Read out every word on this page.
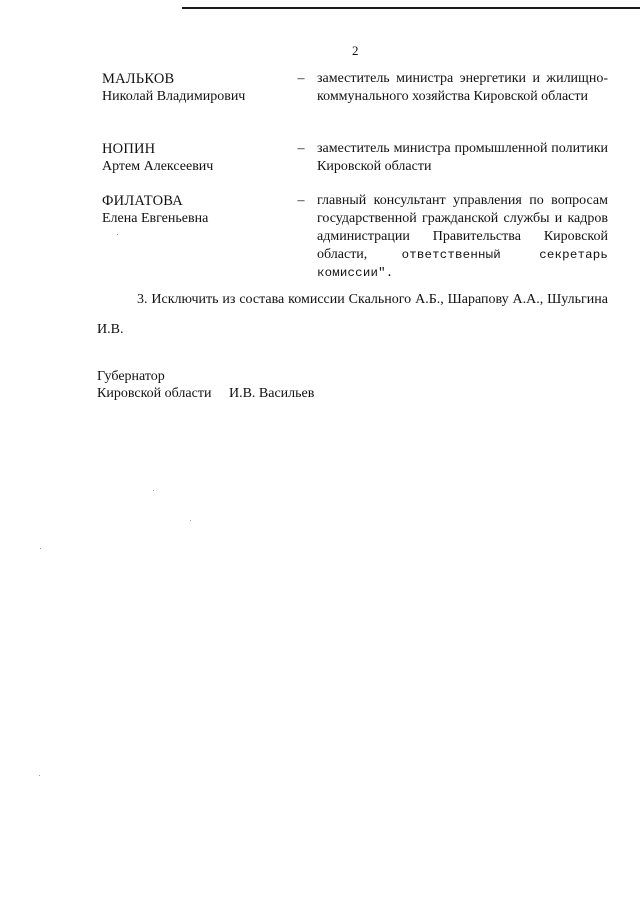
2
МАЛЬКОВ
Николай Владимирович
– заместитель министра энергетики и жилищно-коммунального хозяйства Кировской области
НОПИН
Артем Алексеевич
– заместитель министра промышленной политики Кировской области
ФИЛАТОВА
Елена Евгеньевна
– главный консультант управления по вопросам государственной гражданской службы и кадров администрации Правительства Кировской области,	ответственный секретарь комиссии".
3. Исключить из состава комиссии Скального А.Б., Шарапову А.А., Шульгина И.В.
Губернатор
Кировской области И.В. Васильев
